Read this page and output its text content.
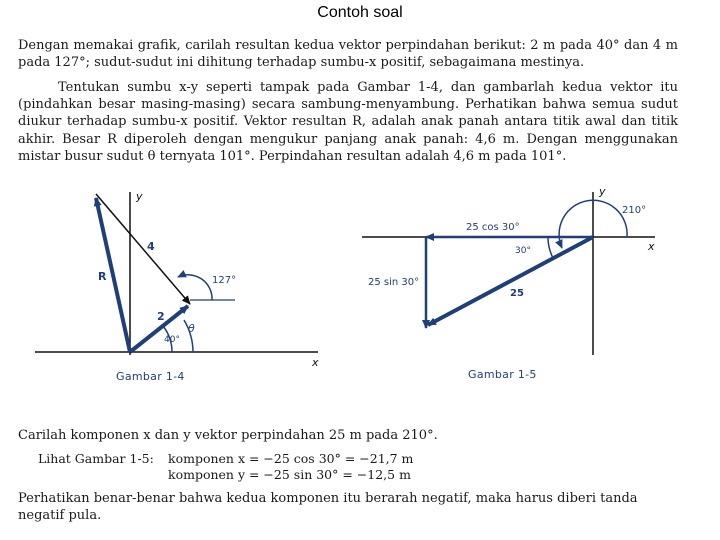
Contoh soal

Dengan memakai grafik, carilah resultan kedua vektor perpindahan berikut: 2 m pada 40° dan 4 m pada 127°; sudut-sudut ini dihitung terhadap sumbu-x positif, sebagaimana mestinya.

Tentukan sumbu x-y seperti tampak pada Gambar 1-4, dan gambarlah kedua vektor itu (pindahkan besar masing-masing) secara sambung-menyambung. Perhatikan bahwa semua sudut diukur terhadap sumbu-x positif. Vektor resultan R, adalah anak panah antara titik awal dan titik akhir. Besar R diperoleh dengan mengukur panjang anak panah: 4,6 m. Dengan menggunakan mistar busur sudut θ ternyata 101°. Perpindahan resultan adalah 4,6 m pada 101°.

y
x
4
2
R	127°
40°
θ
y
x
210°
25 cos 30°
30°
25 sin 30°
25
Gambar 1-4	Gambar 1-5

Carilah komponen x dan y vektor perpindahan 25 m pada 210°.

Lihat Gambar 1-5: komponen x = −25 cos 30° = −21,7 m
komponen y = −25 sin 30° = −12,5 m

Perhatikan benar-benar bahwa kedua komponen itu berarah negatif, maka harus diberi tanda negatif pula.
